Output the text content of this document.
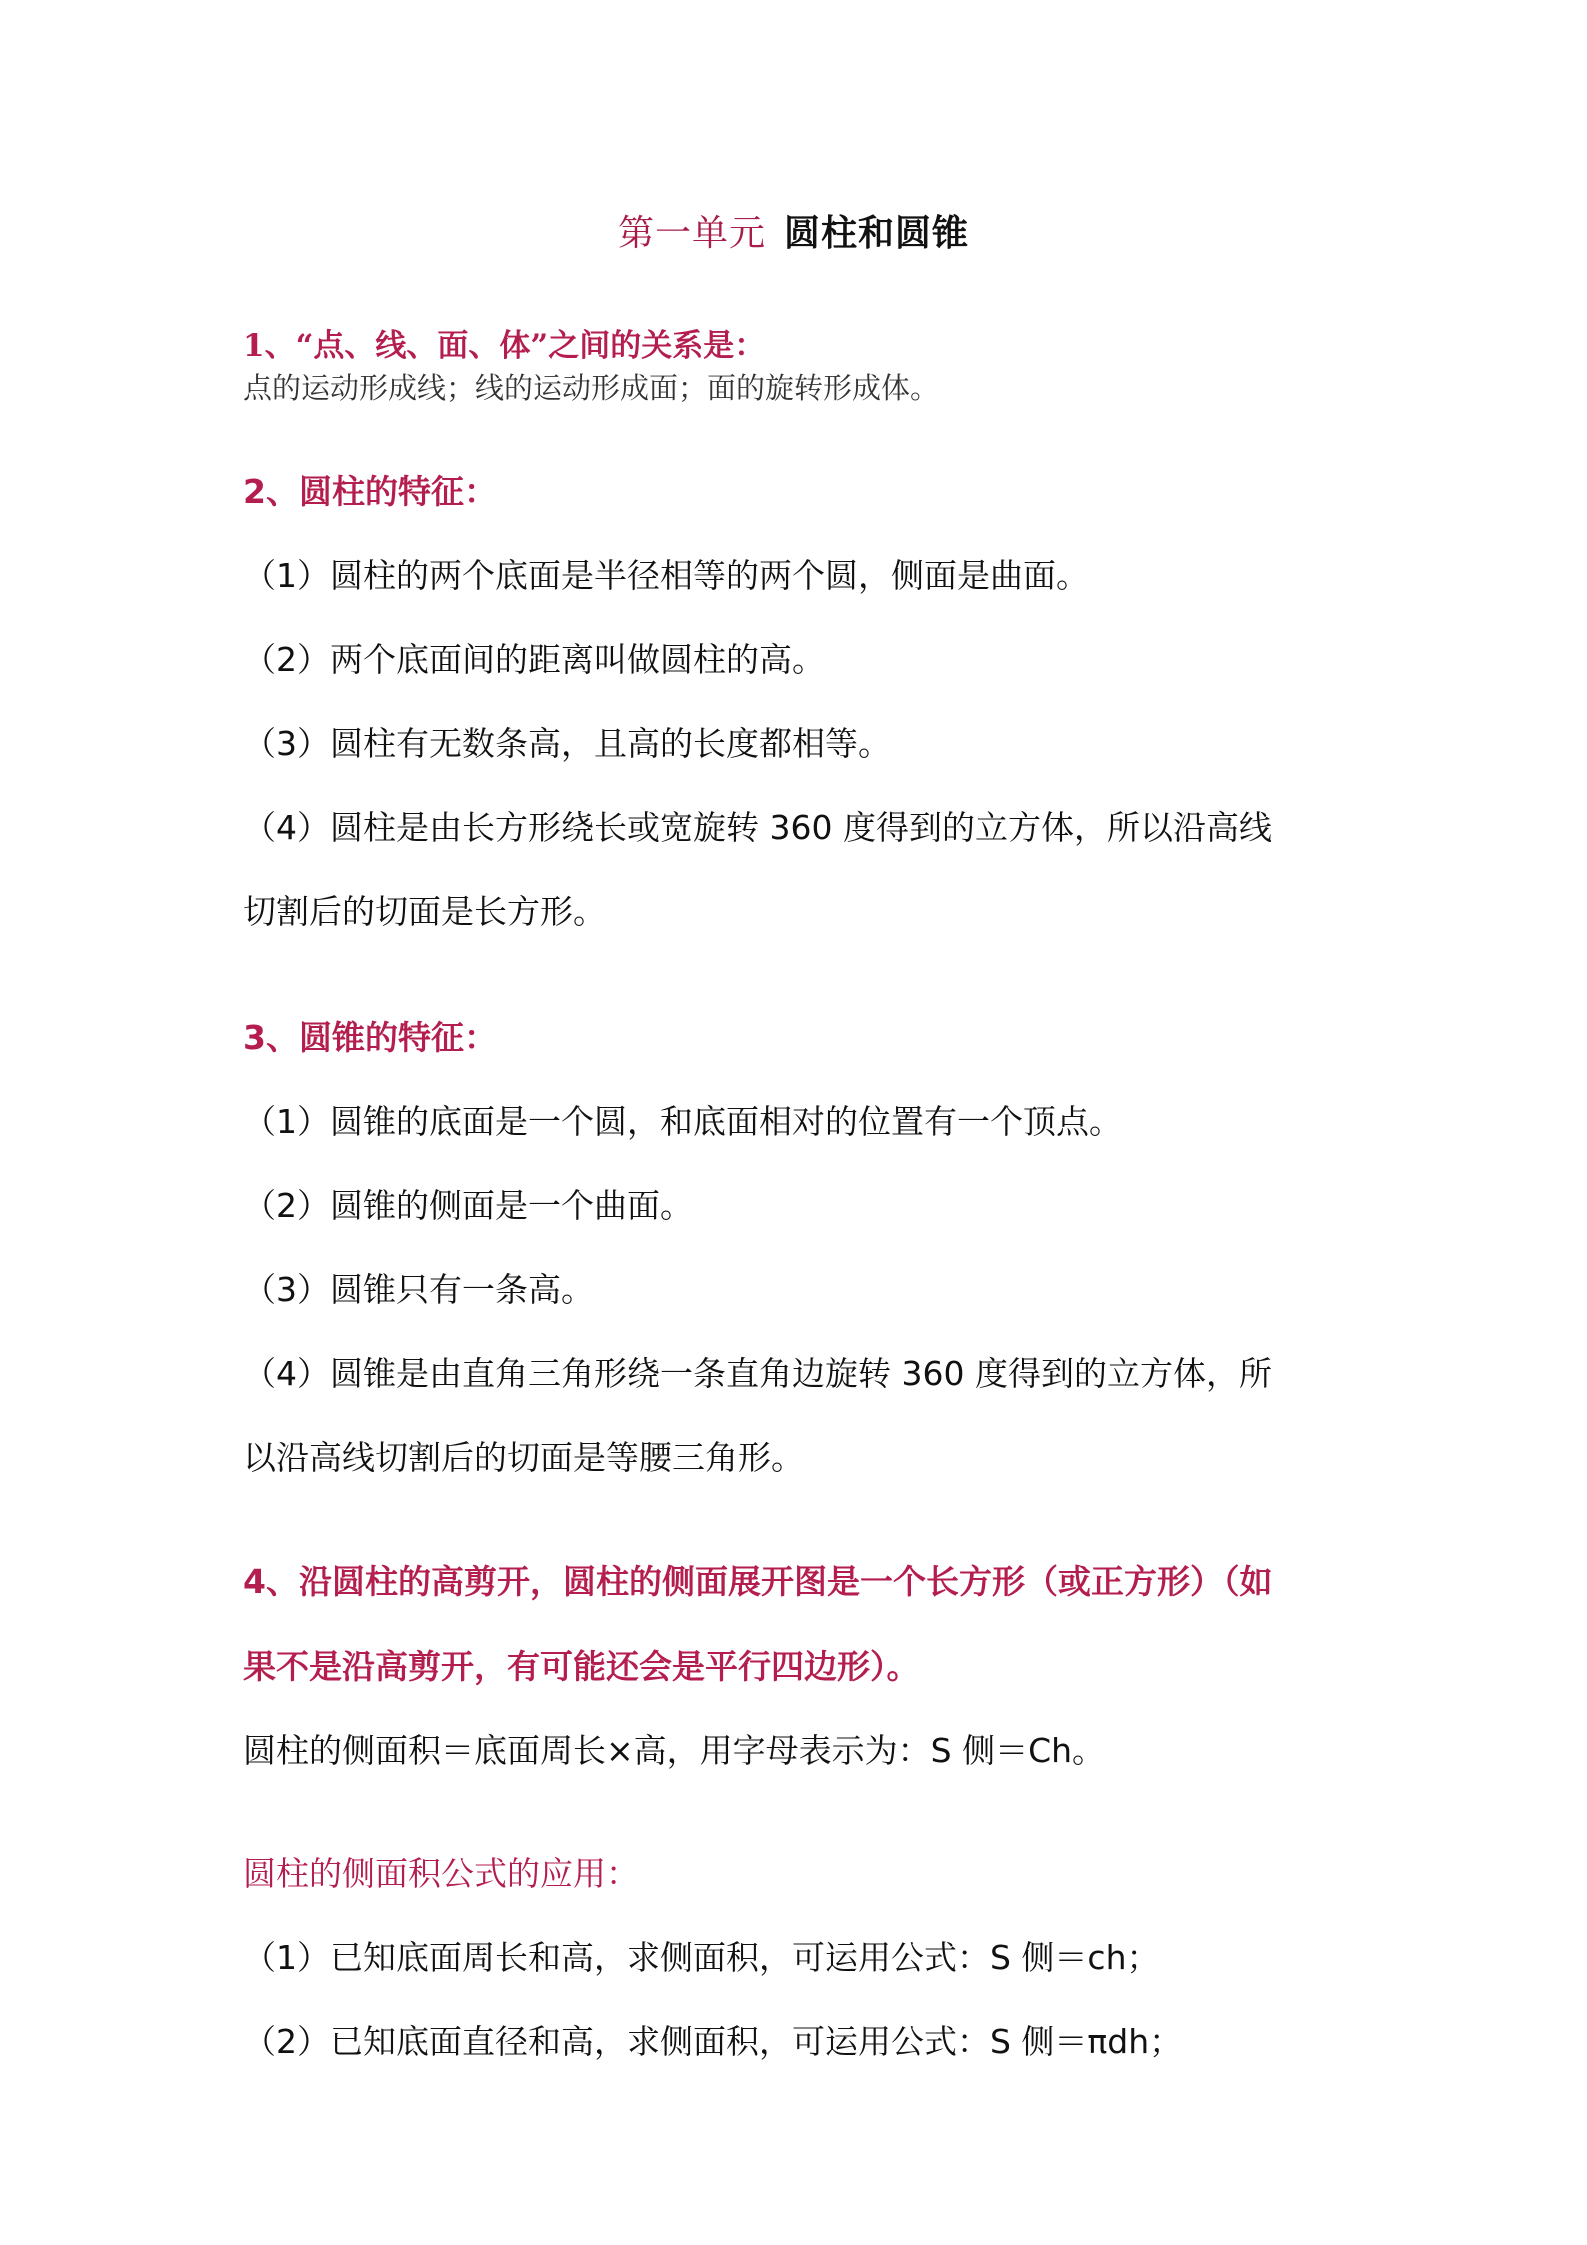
第一单元 圆柱和圆锥
1、“点、线、面、体”之间的关系是：
点的运动形成线；线的运动形成面；面的旋转形成体。
2、圆柱的特征：
（1）圆柱的两个底面是半径相等的两个圆，侧面是曲面。
（2）两个底面间的距离叫做圆柱的高。
（3）圆柱有无数条高，且高的长度都相等。
（4）圆柱是由长方形绕长或宽旋转 360 度得到的立方体，所以沿高线
切割后的切面是长方形。
3、圆锥的特征：
（1）圆锥的底面是一个圆，和底面相对的位置有一个顶点。
（2）圆锥的侧面是一个曲面。
（3）圆锥只有一条高。
（4）圆锥是由直角三角形绕一条直角边旋转 360 度得到的立方体，所
以沿高线切割后的切面是等腰三角形。
4、沿圆柱的高剪开，圆柱的侧面展开图是一个长方形（或正方形）（如
果不是沿高剪开，有可能还会是平行四边形）。
圆柱的侧面积＝底面周长×高，用字母表示为：S 侧＝Ch。
圆柱的侧面积公式的应用：
（1）已知底面周长和高，求侧面积，可运用公式：S 侧＝ch；
（2）已知底面直径和高，求侧面积，可运用公式：S 侧＝πdh；
